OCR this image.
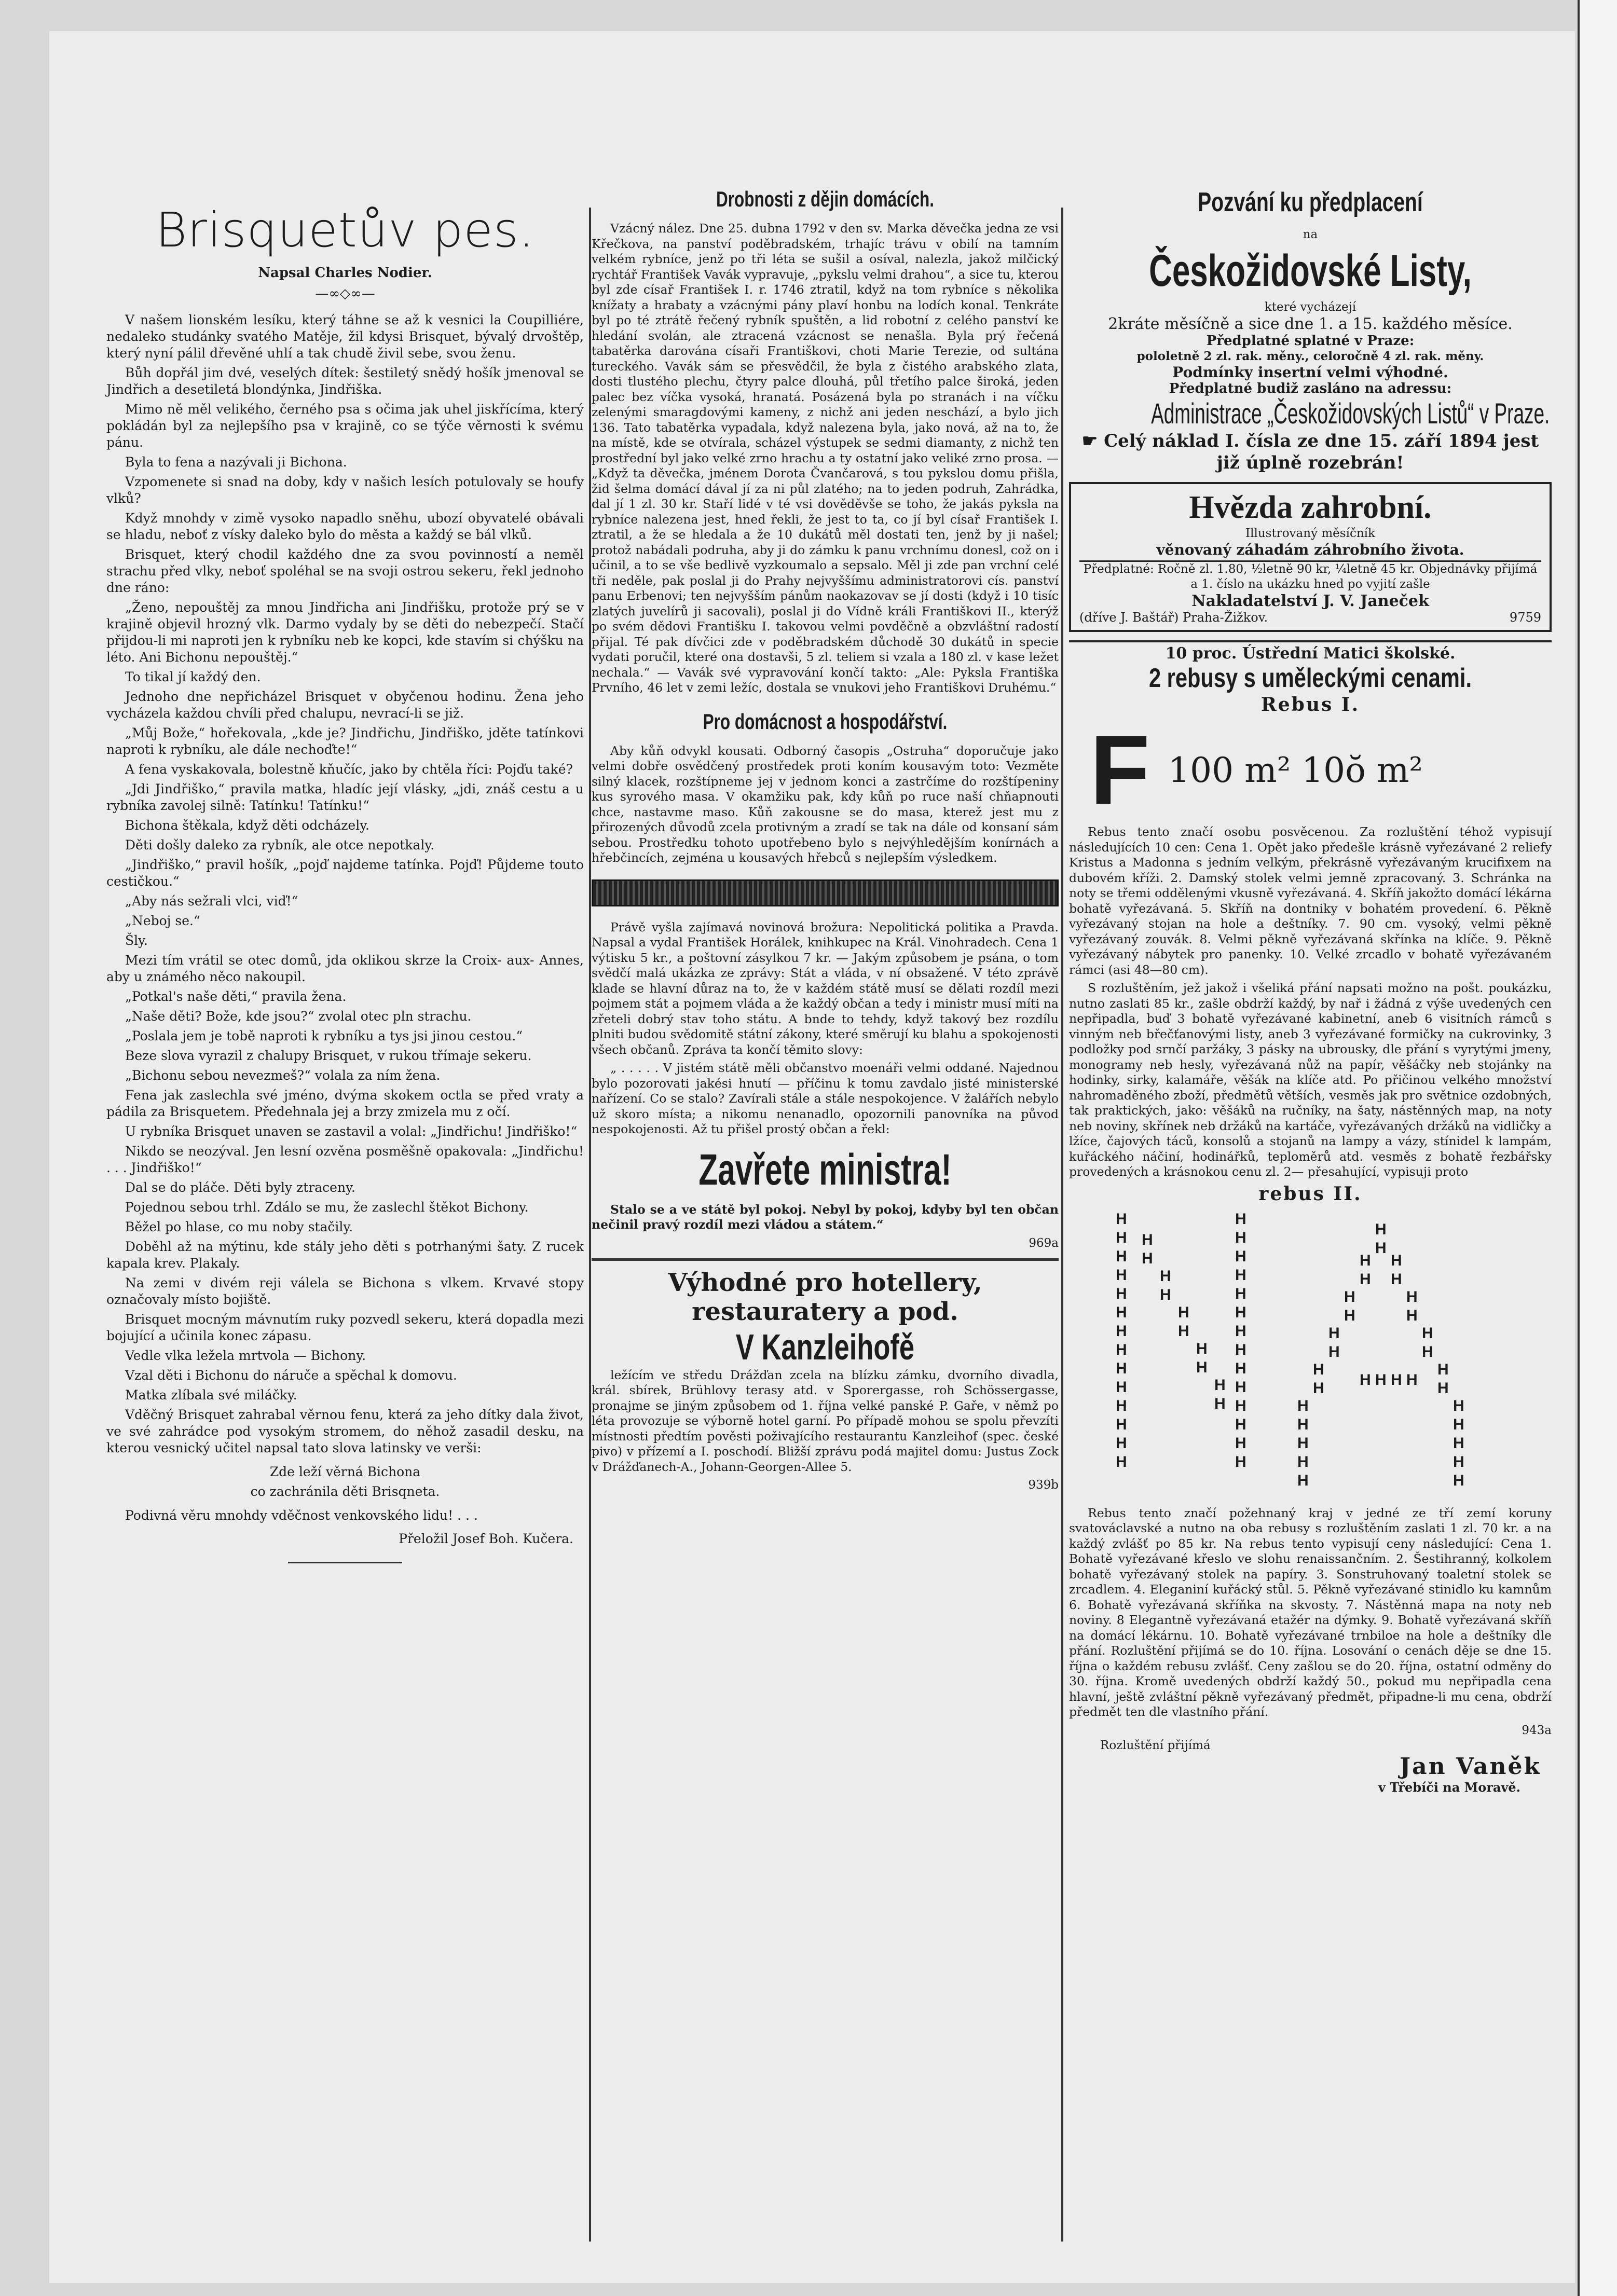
Brisquetův pes.
Napsal Charles Nodier.
—∞◇∞—

V našem lionském lesíku, který táhne se až k vesnici la Coupilliére, nedaleko studánky svatého Matěje, žil kdysi Brisquet, bývalý drvoštěp, který nyní pálil dřevěné uhlí a tak chudě živil sebe, svou ženu.

Bůh dopřál jim dvé, veselých dítek: šestiletý snědý hošík jmenoval se Jindřich a desetiletá blondýnka, Jindřiška.

Mimo ně měl velikého, černého psa s očima jak uhel jiskřícíma, který pokládán byl za nejlepšího psa v krajině, co se týče věrnosti k svému pánu.

Byla to fena a nazývali ji Bichona.

Vzpomenete si snad na doby, kdy v našich lesích potulovaly se houfy vlků?

Když mnohdy v zimě vysoko napadlo sněhu, ubozí obyvatelé obávali se hladu, neboť z vísky daleko bylo do města a každý se bál vlků.

Brisquet, který chodil každého dne za svou povinností a neměl strachu před vlky, neboť spoléhal se na svoji ostrou sekeru, řekl jednoho dne ráno:

„Ženo, nepouštěj za mnou Jindřicha ani Jindřišku, protože prý se v krajině objevil hrozný vlk. Darmo vydaly by se děti do nebezpečí. Stačí přijdou-li mi naproti jen k rybníku neb ke kopci, kde stavím si chýšku na léto. Ani Bichonu nepouštěj.“

To tikal jí každý den.

Jednoho dne nepřicházel Brisquet v obyčenou hodinu. Žena jeho vycházela každou chvíli před chalupu, nevrací-li se již.

„Můj Bože,“ hořekovala, „kde je? Jindřichu, Jindřiško, jděte tatínkovi naproti k rybníku, ale dále nechoďte!“

A fena vyskakovala, bolestně kňučíc, jako by chtěla říci: Pojďu také?

„Jdi Jindřiško,“ pravila matka, hladíc její vlásky, „jdi, znáš cestu a u rybníka zavolej silně: Tatínku! Tatínku!“

Bichona štěkala, když děti odcházely.

Děti došly daleko za rybník, ale otce nepotkaly.

„Jindřiško,“ pravil hošík, „pojď najdeme tatínka. Pojď! Půjdeme touto cestičkou.“

„Aby nás sežrali vlci, viď!“

„Neboj se.“

Šly.

Mezi tím vrátil se otec domů, jda oklikou skrze la Croix- aux- Annes, aby u známého něco nakoupil.

„Potkal's naše děti,“ pravila žena.

„Naše děti? Bože, kde jsou?“ zvolal otec pln strachu.

„Poslala jem je tobě naproti k rybníku a tys jsi jinou cestou.“

Beze slova vyrazil z chalupy Brisquet, v rukou třímaje sekeru.

„Bichonu sebou nevezmeš?“ volala za ním žena.

Fena jak zaslechla své jméno, dvýma skokem octla se před vraty a pádila za Brisquetem. Předehnala jej a brzy zmizela mu z očí.

U rybníka Brisquet unaven se zastavil a volal: „Jindřichu! Jindřiško!“

Nikdo se neozýval. Jen lesní ozvěna posměšně opakovala: „Jindřichu! . . . Jindřiško!“

Dal se do pláče. Děti byly ztraceny.

Pojednou sebou trhl. Zdálo se mu, že zaslechl štěkot Bichony.

Běžel po hlase, co mu noby stačily.

Doběhl až na mýtinu, kde stály jeho děti s potrhanými šaty. Z rucek kapala krev. Plakaly.

Na zemi v divém reji válela se Bichona s vlkem. Krvavé stopy označovaly místo bojiště.

Brisquet mocným mávnutím ruky pozvedl sekeru, která dopadla mezi bojující a učinila konec zápasu.

Vedle vlka ležela mrtvola — Bichony.

Vzal děti i Bichonu do náruče a spěchal k domovu.

Matka zlíbala své miláčky.

Vděčný Brisquet zahrabal věrnou fenu, která za jeho dítky dala život, ve své zahrádce pod vysokým stromem, do něhož zasadil desku, na kterou vesnický učitel napsal tato slova latinsky ve verši:

Zde leží věrná Bichona

co zachránila děti Brisqneta.

Podivná věru mnohdy vděčnost venkovského lidu! . . .

Přeložil Josef Boh. Kučera.
Drobnosti z dějin domácích.

Vzácný nález. Dne 25. dubna 1792 v den sv. Marka děvečka jedna ze vsi Křečkova, na panství poděbradském, trhajíc trávu v obilí na tamním velkém rybníce, jenž po tři léta se sušil a osíval, nalezla, jakož milčický rychtář František Vavák vypravuje, „pykslu velmi drahou“, a sice tu, kterou byl zde císař František I. r. 1746 ztratil, když na tom rybníce s několika knížaty a hrabaty a vzácnými pány plaví honbu na lodích konal. Tenkráte byl po té ztrátě řečený rybník spuštěn, a lid robotní z celého panství ke hledání svolán, ale ztracená vzácnost se nenašla. Byla prý řečená tabatěrka darována císaři Františkovi, choti Marie Terezie, od sultána tureckého. Vavák sám se přesvědčil, že byla z čistého arabského zlata, dosti tlustého plechu, čtyry palce dlouhá, půl třetího palce široká, jeden palec bez víčka vysoká, hranatá. Posázená byla po stranách i na víčku zelenými smaragdovými kameny, z nichž ani jeden neschází, a bylo jich 136. Tato tabatěrka vypadala, když nalezena byla, jako nová, až na to, že na místě, kde se otvírala, scházel výstupek se sedmi diamanty, z nichž ten prostřední byl jako velké zrno hrachu a ty ostatní jako veliké zrno prosa. — „Když ta děvečka, jménem Dorota Čvančarová, s tou pykslou domu přišla, žid šelma domácí dával jí za ni půl zlatého; na to jeden podruh, Zahrádka, dal jí 1 zl. 30 kr. Staří lidé v té vsi dověděvše se toho, že jakás pyksla na rybníce nalezena jest, hned řekli, že jest to ta, co jí byl císař František I. ztratil, a že se hledala a že 10 dukátů měl dostati ten, jenž by ji našel; protož nabádali podruha, aby ji do zámku k panu vrchnímu donesl, což on i učinil, a to se vše bedlivě vyzkoumalo a sepsalo. Měl ji zde pan vrchní celé tři neděle, pak poslal ji do Prahy nejvyššímu administratorovi cís. panství panu Erbenovi; ten nejvyšším pánům naokazovav se jí dosti (když i 10 tisíc zlatých juvelírů ji sacovali), poslal ji do Vídně králi Františkovi II., kterýž po svém dědovi Františku I. takovou velmi povděčně a obzvláštní radostí přijal. Té pak dívčici zde v poděbradském důchodě 30 dukátů in specie vydati poručil, které ona dostavši, 5 zl. teliem si vzala a 180 zl. v kase ležet nechala.“ — Vavák své vypravování končí takto: „Ale: Pyksla Františka Prvního, 46 let v zemi ležíc, dostala se vnukovi jeho Františkovi Druhému.“

Pro domácnost a hospodářství.

Aby kůň odvykl kousati. Odborný časopis „Ostruha“ doporučuje jako velmi dobře osvědčený prostředek proti koním kousavým toto: Vezměte silný klacek, rozštípneme jej v jednom konci a zastrčíme do rozštípeniny kus syrového masa. V okamžiku pak, kdy kůň po ruce naší chňapnouti chce, nastavme maso. Kůň zakousne se do masa, kterež jest mu z přirozených důvodů zcela protivným a zradí se tak na dále od konsaní sám sebou. Prostředku tohoto upotřebeno bylo s nejvýhledějším konírnách a hřebčincích, zejména u kousavých hřebců s nejlepším výsledkem.

Právě vyšla zajímavá novinová brožura: Nepolitická politika a Pravda. Napsal a vydal František Horálek, knihkupec na Král. Vinohradech. Cena 1 výtisku 5 kr., a poštovní zásylkou 7 kr. — Jakým způsobem je psána, o tom svědčí malá ukázka ze zprávy: Stát a vláda, v ní obsažené. V této zprávě klade se hlavní důraz na to, že v každém státě musí se dělati rozdíl mezi pojmem stát a pojmem vláda a že každý občan a tedy i ministr musí míti na zřeteli dobrý stav toho státu. A bnde to tehdy, když takový bez rozdílu plniti budou svědomitě státní zákony, které směrují ku blahu a spokojenosti všech občanů. Zpráva ta končí těmito slovy:

„ . . . . . V jistém státě měli občanstvo moenáři velmi oddané. Najednou bylo pozorovati jakési hnutí — příčinu k tomu zavdalo jisté ministerské nařízení. Co se stalo? Zavírali stále a stále nespokojence. V žalářích nebylo už skoro místa; a nikomu nenanadlo, opozornili panovníka na původ nespokojenosti. Až tu přišel prostý občan a řekl:

Zavřete ministra!

Stalo se a ve státě byl pokoj. Nebyl by pokoj, kdyby byl ten občan nečinil pravý rozdíl mezi vládou a státem.“

969a
Výhodné pro hotellery, restauratery a pod.
V Kanzleihofě

ležícím ve středu Drážďan zcela na blízku zámku, dvorního divadla, král. sbírek, Brühlovy terasy atd. v Sporergasse, roh Schössergasse, pronajme se jiným způsobem od 1. října velké panské P. Gaře, v němž po léta provozuje se výborně hotel garní. Po případě mohou se spolu převzíti místnosti předtím pověsti poživajícího restaurantu Kanzleihof (spec. české pivo) v přízemí a I. poschodí. Bližší zprávu podá majitel domu: Justus Zock v Drážďanech-A., Johann-Georgen-Allee 5.

939b
Pozvání ku předplacení
na
Českožidovské Listy,
které vycházejí
2kráte měsíčně a sice dne 1. a 15. každého měsíce.
Předplatné splatné v Praze:
pololetně 2 zl. rak. měny., celoročně 4 zl. rak. měny.
Podmínky insertní velmi výhodné.
Předplatné budiž zasláno na adressu:
Administrace „Českožidovských Listů“ v Praze.
☛ Celý náklad I. čísla ze dne 15. září 1894 jest již úplně rozebrán!
Hvězda zahrobní.
Illustrovaný měsíčník
věnovaný záhadám záhrobního života.
Předplatné: Ročně zl. 1.80, ½letně 90 kr, ¼letně 45 kr. Objednávky přijímá a 1. číslo na ukázku hned po vyjití zašle
Nakladatelství J. V. Janeček
(dříve J. Baštář) Praha-Žižkov.	9759
10 proc. Ústřední Matici školské.
2 rebusy s uměleckými cenami.
Rebus I.
F 100 m² 10ŏ m²

Rebus tento značí osobu posvěcenou. Za rozluštění téhož vypisují následujících 10 cen: Cena 1. Opět jako předešle krásně vyřezávané 2 reliefy Kristus a Madonna s jedním velkým, překrásně vyřezávaným krucifixem na dubovém kříži. 2. Damský stolek velmi jemně zpracovaný. 3. Schránka na noty se třemi oddělenými vkusně vyřezávaná. 4. Skříň jakožto domácí lékárna bohatě vyřezávaná. 5. Skříň na dontniky v bohatém provedení. 6. Pěkně vyřezávaný stojan na hole a deštníky. 7. 90 cm. vysoký, velmi pěkně vyřezávaný zouvák. 8. Velmi pěkně vyřezávaná skřínka na klíče. 9. Pěkně vyřezávaný nábytek pro panenky. 10. Velké zrcadlo v bohatě vyřezávaném rámci (asi 48—80 cm).

S rozluštěním, jež jakož i všeliká přání napsati možno na pošt. poukázku, nutno zaslati 85 kr., zašle obdrží každý, by nař i žádná z výše uvedených cen nepřipadla, buď 3 bohatě vyřezávané kabinetní, aneb 6 visitních rámců s vinným neb břečťanovými listy, aneb 3 vyřezávané formičky na cukrovinky, 3 podložky pod srnčí paržáky, 3 pásky na ubrousky, dle přání s vyrytými jmeny, monogramy neb hesly, vyřezávaná nůž na papír, věšáčky neb stojánky na hodinky, sirky, kalamáře, věšák na klíče atd. Po přičinou velkého množství nahromaděného zboží, předmětů větších, vesměs jak pro světnice ozdobných, tak praktických, jako: věšáků na ručníky, na šaty, nástěnných map, na noty neb noviny, skřínek neb držáků na kartáče, vyřezávaných držáků na vidličky a lžíce, čajových táců, konsolů a stojanů na lampy a vázy, stínidel k lampám, kuřáckého náčiní, hodinářků, teploměrů atd. vesměs z bohatě řezbářsky provedených a krásnokou cenu zl. 2— přesahující, vypisuji proto

rebus II.
H
H
H
H
H
H
H
H
H
H
H
H
H
H
H
H
H
H
H
H
H
H
H
H
H
H
H
H
H
H
H
H
H
H
H
H
H
H
H
H
H
H
H
H
H
H
H
H
H
H
H
H
H
H
H
H
H
H
H
H
H
H
H
H
H
H
H H H H

Rebus tento značí požehnaný kraj v jedné ze tří zemí koruny svatováclavské a nutno na oba rebusy s rozluštěním zaslati 1 zl. 70 kr. a na každý zvlášť po 85 kr. Na rebus tento vypisují ceny následující: Cena 1. Bohatě vyřezávané křeslo ve slohu renaissančním. 2. Šestihranný, kolkolem bohatě vyřezávaný stolek na papíry. 3. Sonstruhovaný toaletní stolek se zrcadlem. 4. Eleganiní kuřácký stůl. 5. Pěkně vyřezávané stinidlo ku kamnům 6. Bohatě vyřezávaná skříňka na skvosty. 7. Nástěnná mapa na noty neb noviny. 8 Elegantně vyřezávaná etažér na dýmky. 9. Bohatě vyřezávaná skříň na domácí lékárnu. 10. Bohatě vyřezávané trnbiloe na hole a deštníky dle přání. Rozluštění přijímá se do 10. října. Losování o cenách děje se dne 15. října o každém rebusu zvlášť. Ceny zašlou se do 20. října, ostatní odměny do 30. října. Kromě uvedených obdrží každý 50., pokud mu nepřipadla cena hlavní, ještě zvláštní pěkně vyřezávaný předmět, připadne-li mu cena, obdrží předmět ten dle vlastního přání.

943a
Rozluštění přijímá
Jan Vaněk
v Třebíči na Moravě.
